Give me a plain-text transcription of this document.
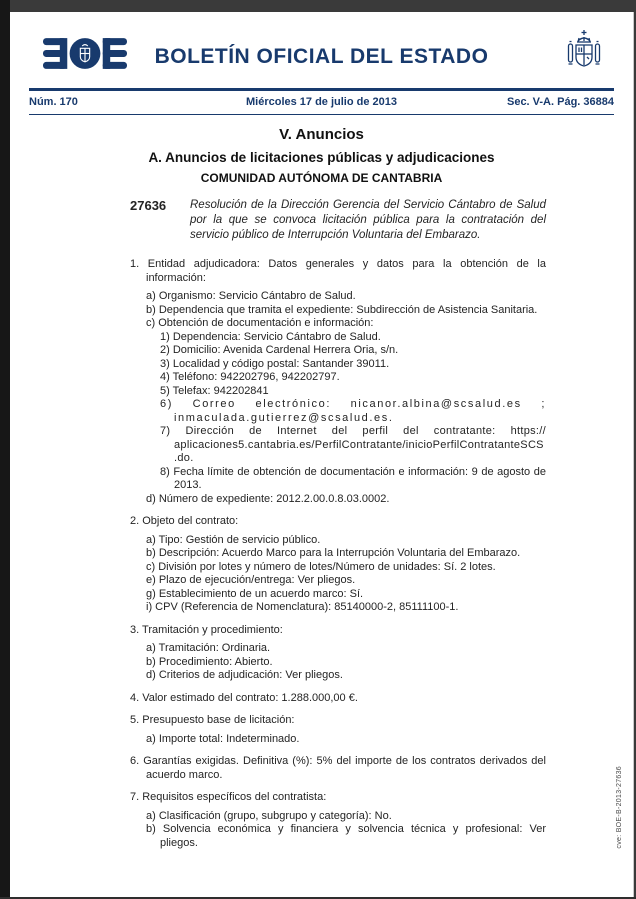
BOLETÍN OFICIAL DEL ESTADO
Núm. 170	Miércoles 17 de julio de 2013	Sec. V-A. Pág. 36884
V. Anuncios
A. Anuncios de licitaciones públicas y adjudicaciones
COMUNIDAD AUTÓNOMA DE CANTABRIA
27636	Resolución de la Dirección Gerencia del Servicio Cántabro de Salud por la que se convoca licitación pública para la contratación del servicio público de Interrupción Voluntaria del Embarazo.

1. Entidad adjudicadora: Datos generales y datos para la obtención de la información:
a) Organismo: Servicio Cántabro de Salud.
b) Dependencia que tramita el expediente: Subdirección de Asistencia Sanitaria.
c) Obtención de documentación e información:
1) Dependencia: Servicio Cántabro de Salud.
2) Domicilio: Avenida Cardenal Herrera Oria, s/n.
3) Localidad y código postal: Santander 39011.
4) Teléfono: 942202796, 942202797.
5) Telefax: 942202841
6) Correo electrónico: nicanor.albina@scsalud.es ; inmaculada.gutierrez@scsalud.es.
7) Dirección de Internet del perfil del contratante: https://​aplicaciones5.cantabria.es/PerfilContratante/inicioPerfilContratanteSCS.do.
8) Fecha límite de obtención de documentación e información: 9 de agosto de 2013.
d) Número de expediente: 2012.2.00.0.8.03.0002.
2. Objeto del contrato:
a) Tipo: Gestión de servicio público.
b) Descripción: Acuerdo Marco para la Interrupción Voluntaria del Embarazo.
c) División por lotes y número de lotes/Número de unidades: Sí. 2 lotes.
e) Plazo de ejecución/entrega: Ver pliegos.
g) Establecimiento de un acuerdo marco: Sí.
i) CPV (Referencia de Nomenclatura): 85140000-2, 85111100-1.
3. Tramitación y procedimiento:
a) Tramitación: Ordinaria.
b) Procedimiento: Abierto.
d) Criterios de adjudicación: Ver pliegos.
4. Valor estimado del contrato: 1.288.000,00 €.
5. Presupuesto base de licitación:
a) Importe total: Indeterminado.
6. Garantías exigidas. Definitiva (%): 5% del importe de los contratos derivados del acuerdo marco.
7. Requisitos específicos del contratista:
a) Clasificación (grupo, subgrupo y categoría): No.
b) Solvencia económica y financiera y solvencia técnica y profesional: Ver pliegos.	cve: BOE-B-2013-27636
